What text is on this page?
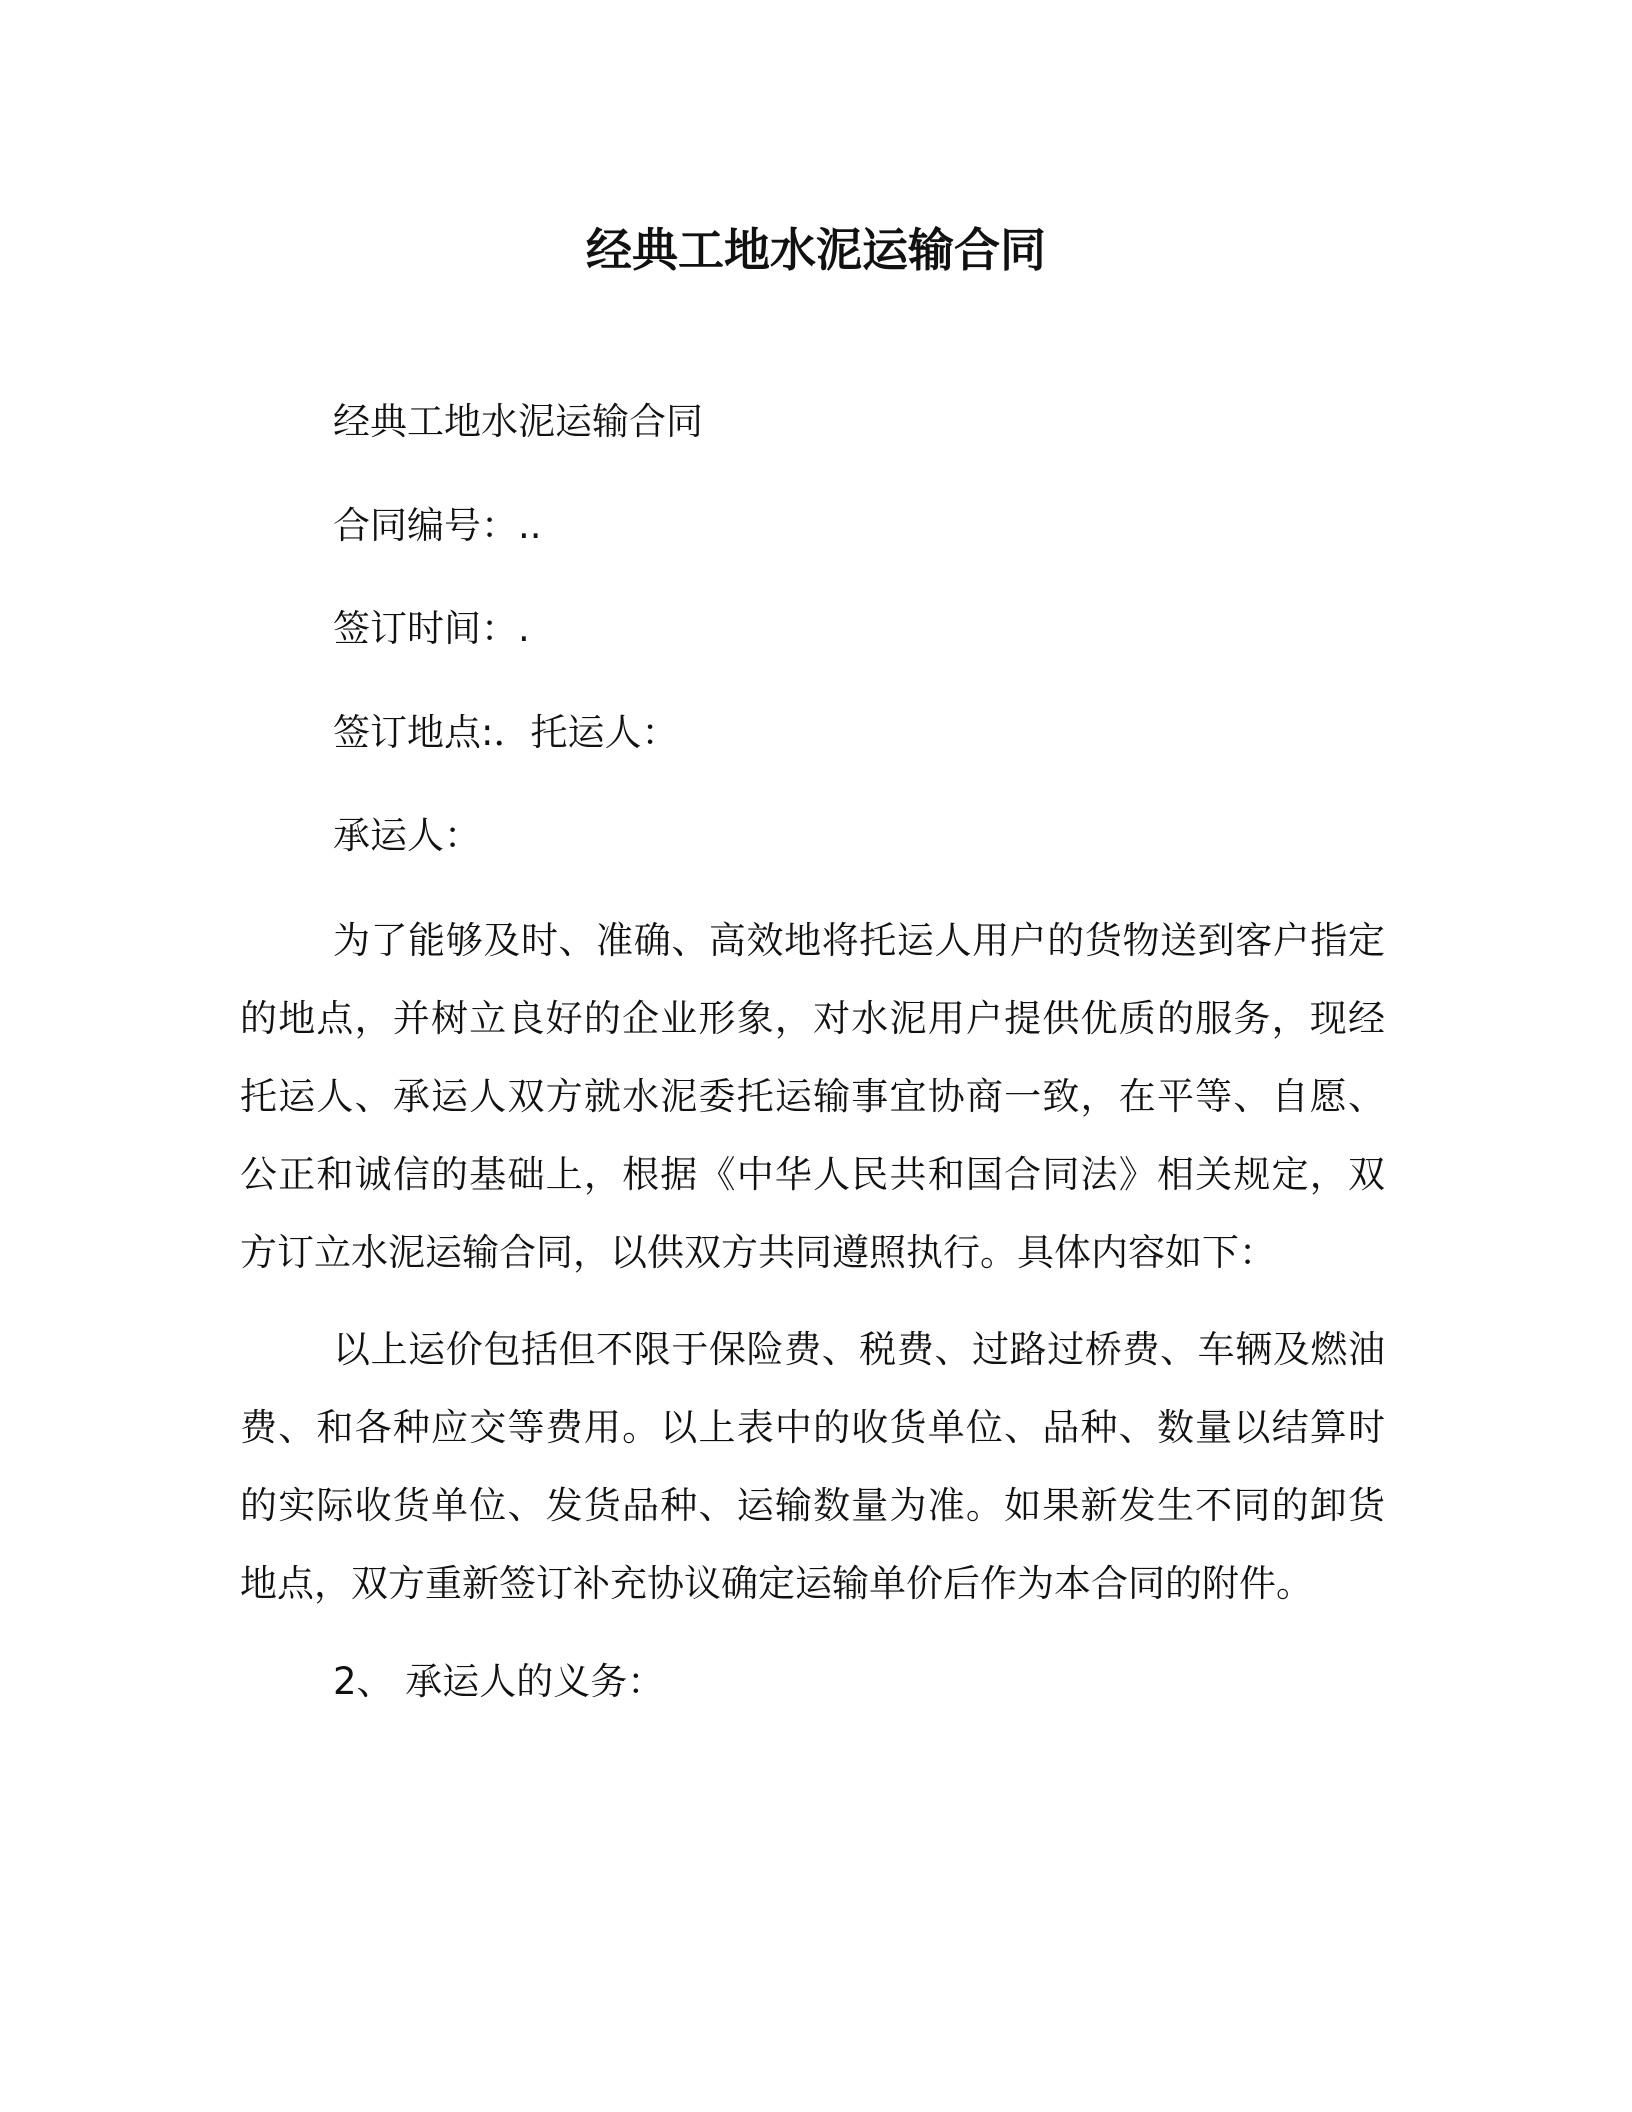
经典工地水泥运输合同
经典工地水泥运输合同
合同编号：..
签订时间：.
签订地点:．托运人：
承运人：
为了能够及时、准确、高效地将托运人用户的货物送到客户指定的地点，并树立良好的企业形象，对水泥用户提供优质的服务，现经托运人、承运人双方就水泥委托运输事宜协商一致，在平等、自愿、公正和诚信的基础上，根据《中华人民共和国合同法》相关规定，双方订立水泥运输合同，以供双方共同遵照执行。具体内容如下：
以上运价包括但不限于保险费、税费、过路过桥费、车辆及燃油费、和各种应交等费用。以上表中的收货单位、品种、数量以结算时的实际收货单位、发货品种、运输数量为准。如果新发生不同的卸货地点，双方重新签订补充协议确定运输单价后作为本合同的附件。
2、 承运人的义务：
